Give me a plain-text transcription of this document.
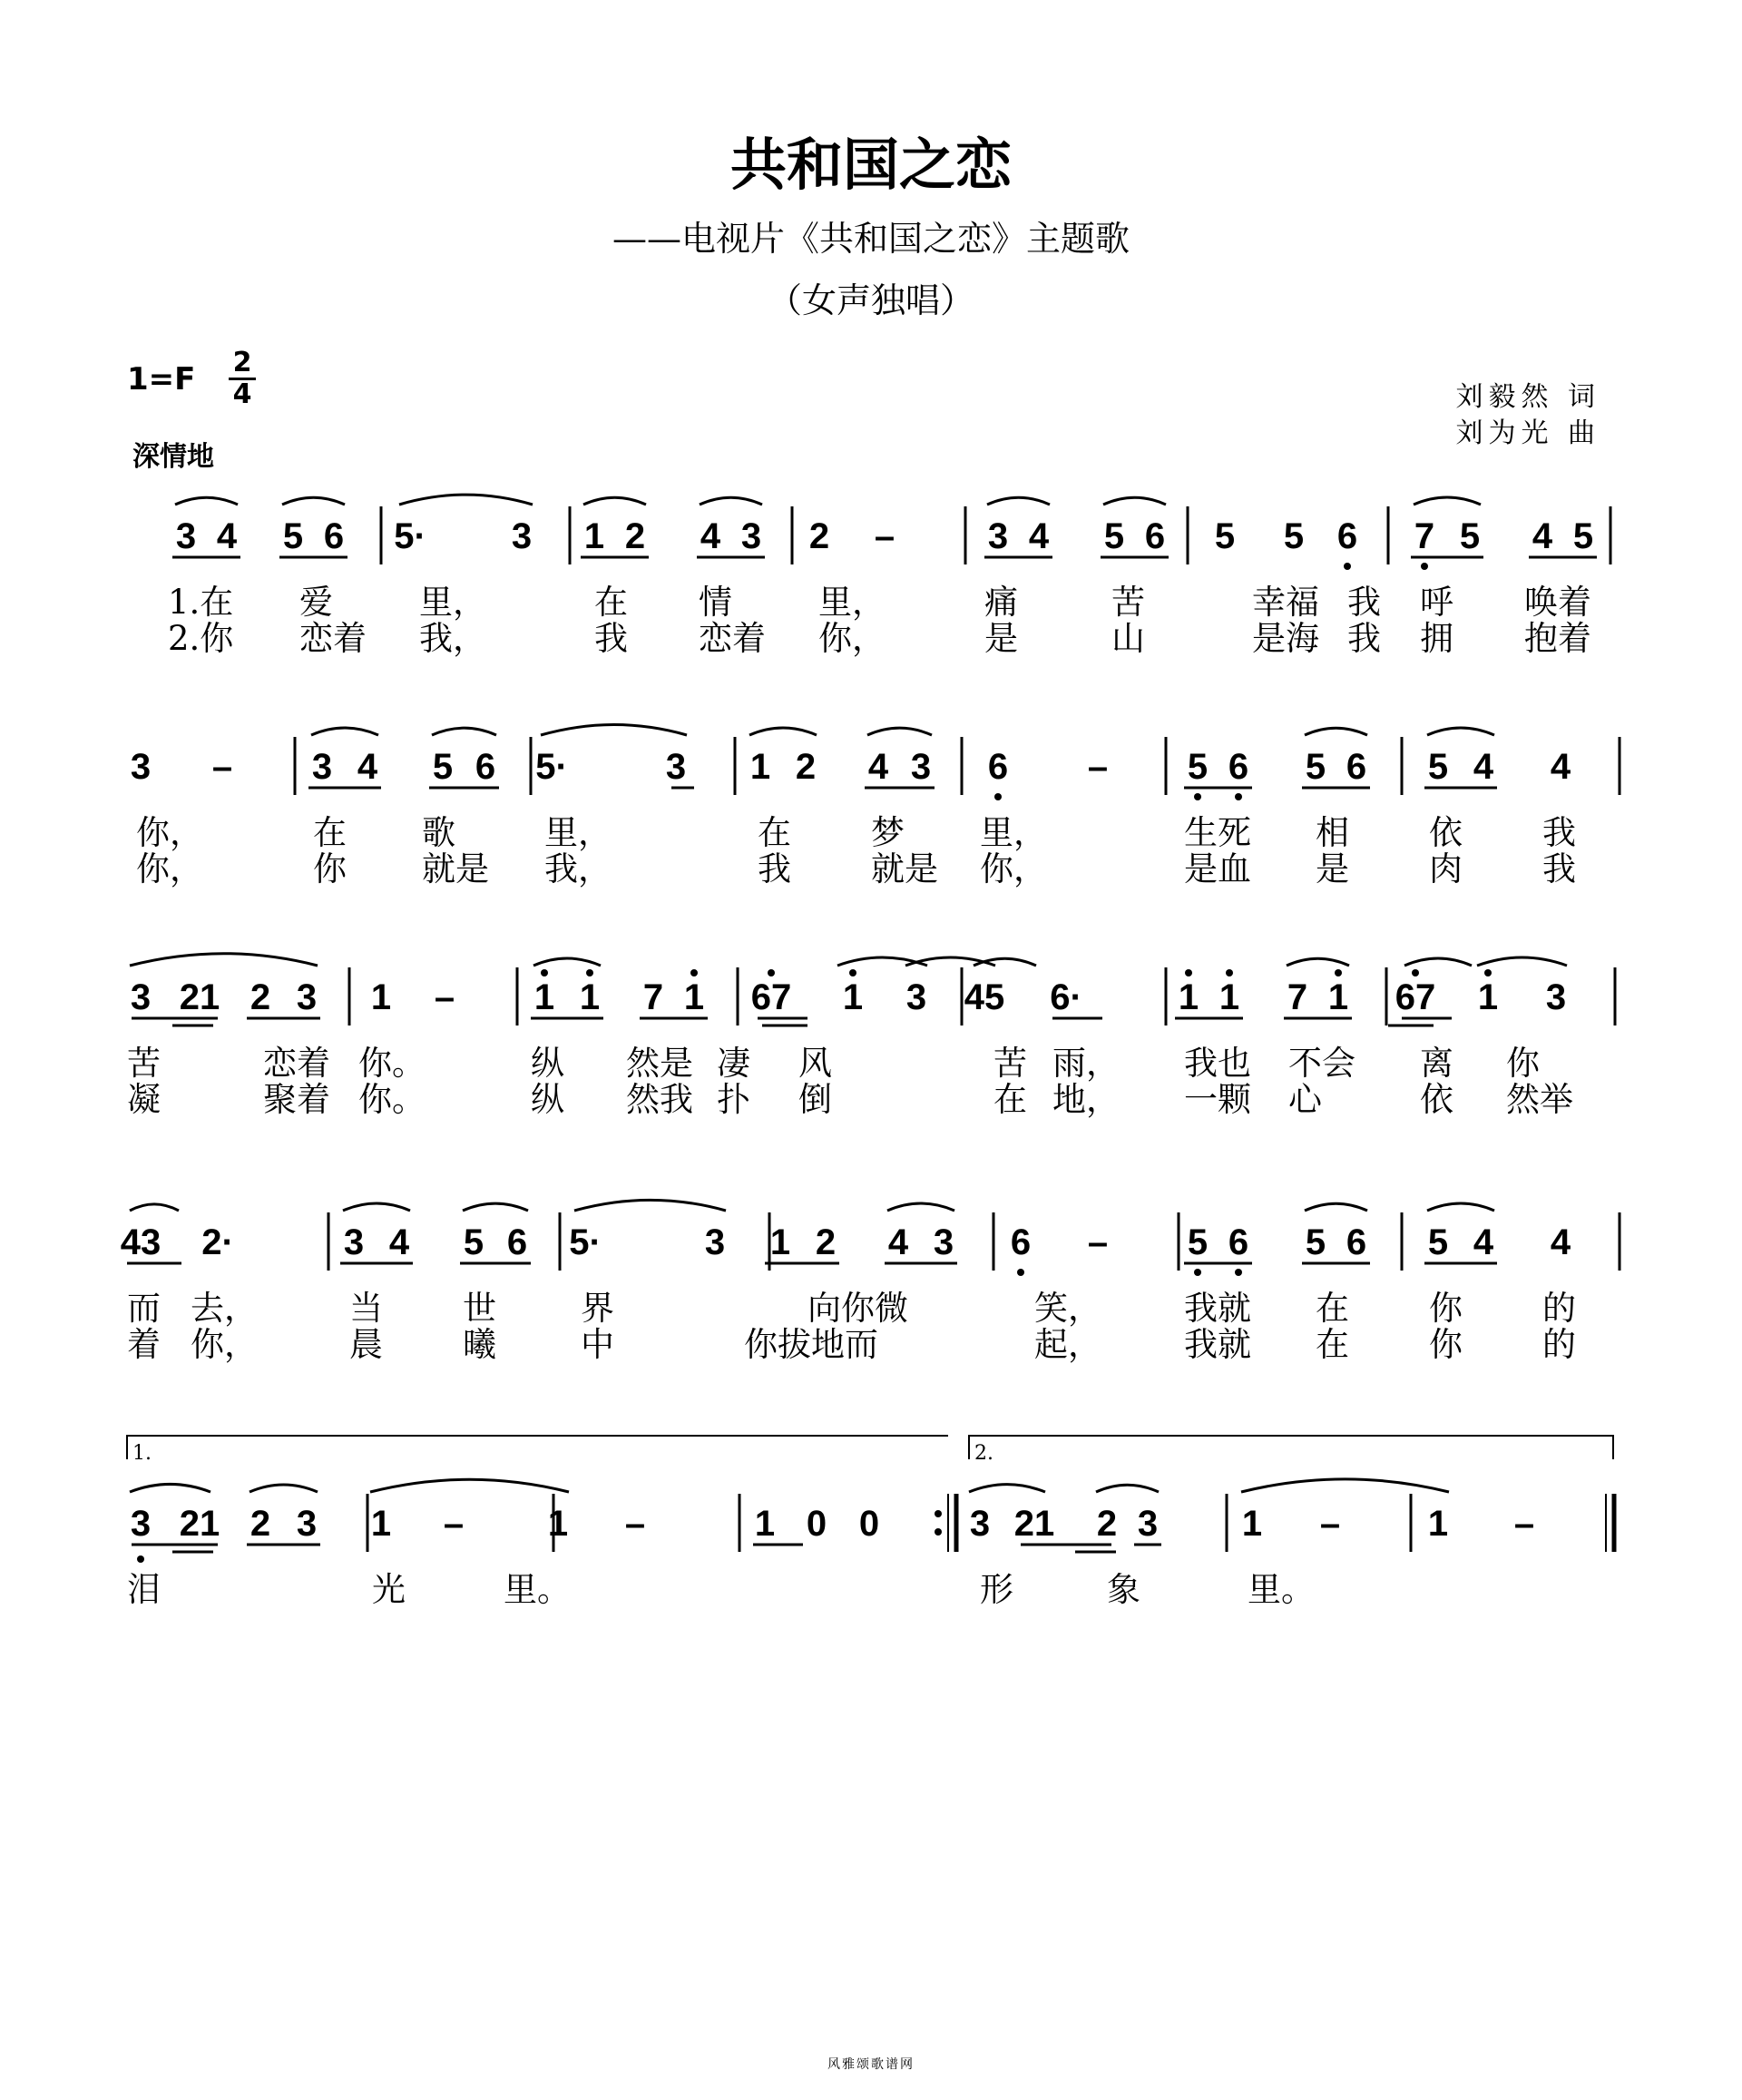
共和国之恋
——电视片《共和国之恋》主题歌
（女声独唱）
$1=F \frac{2}{4}$
深情地
刘毅然 词
刘为光 曲
3 4 5 6 5· 3 1 2 4 3 2 –	3 4 5 6 5 5 6 7 5 4 5
1.在 爱	里，	在 情	里，	痛	苦	幸福 我 呼 唤着
2.你 恋着 我，	我 恋着 你，	是	山	是海 我 拥 抱着
3 – 3 4 5 6 5·	3 1 2 4 3 6 – 5 6 5 6 5 4 4
你，	在 歌	里，	在 梦 里，	生死 相 依 我
你，	你 就是 我，	我 就是 你，	是血 是 肉 我
3 21 2 3 1 – 1 1 7 1 67 1 3 45 6·	1 1 7 1 67 1 3
苦	恋着 你。	纵 然是 凄 风	苦 雨， 我也 不会 离 你
凝	聚着 你。	纵 然我 扑 倒	在 地， 一颗 心	依 然举
43 2·	3 4 5 6 5·	3 1 2 4 3 6 – 5 6 5 6 5 4 4
而 去，	当 世	界	向你微	笑， 我就 在 你 的
着 你，	晨 曦	中	你拔地而	起， 我就 在 你 的
3 21 2 3 1 – 1 –	1 0 0 3 21 2 3 1 – 1 –
泪	光	里。	形	象	里。
1.	2.
风雅颂歌谱网
